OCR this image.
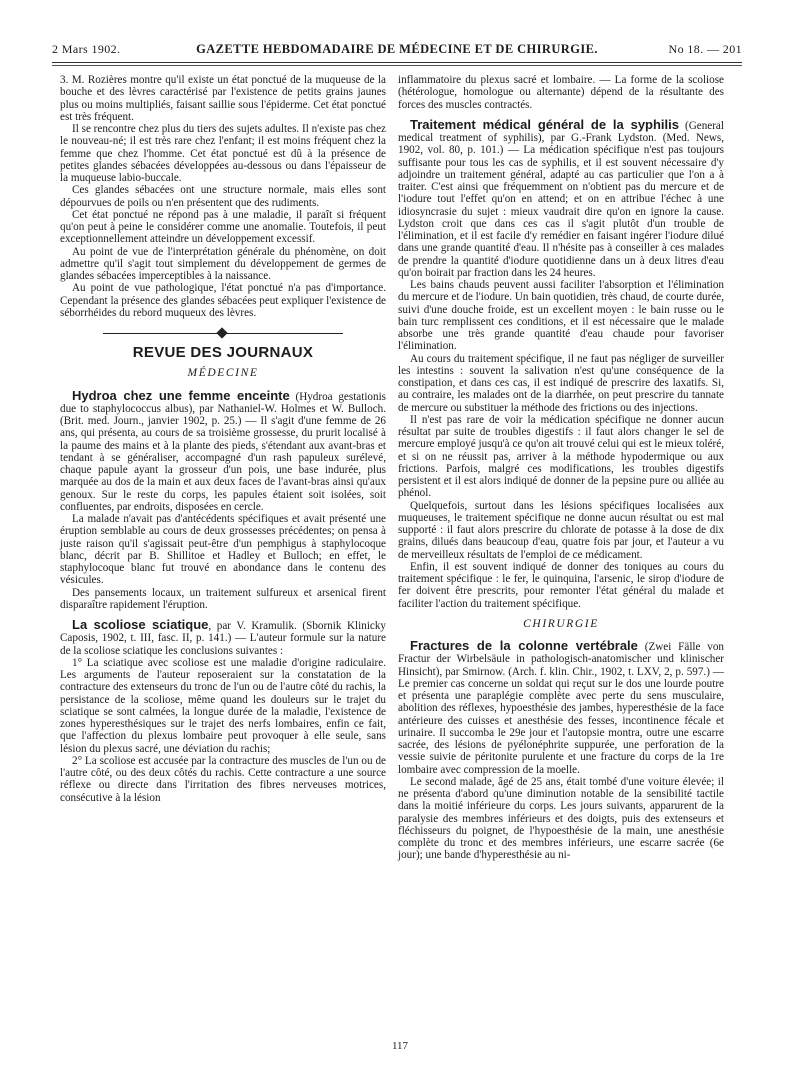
2 Mars 1902.	GAZETTE HEBDOMADAIRE DE MÉDECINE ET DE CHIRURGIE.	No 18. — 201

3. M. Rozières montre qu'il existe un état ponctué de la muqueuse de la bouche et des lèvres caractérisé par l'existence de petits grains jaunes plus ou moins multipliés, faisant saillie sous l'épiderme. Cet état ponctué est très fréquent.

Il se rencontre chez plus du tiers des sujets adultes. Il n'existe pas chez le nouveau-né; il est très rare chez l'enfant; il est moins fréquent chez la femme que chez l'homme. Cet état ponctué est dû à la présence de petites glandes sébacées développées au-dessous ou dans l'épaisseur de la muqueuse labio-buccale.

Ces glandes sébacées ont une structure normale, mais elles sont dépourvues de poils ou n'en présentent que des rudiments.

Cet état ponctué ne répond pas à une maladie, il paraît si fréquent qu'on peut à peine le considérer comme une anomalie. Toutefois, il peut exceptionnellement atteindre un développement excessif.

Au point de vue de l'interprétation générale du phénomène, on doit admettre qu'il s'agit tout simplement du développement de germes de glandes sébacées imperceptibles à la naissance.

Au point de vue pathologique, l'état ponctué n'a pas d'importance. Cependant la présence des glandes sébacées peut expliquer l'existence de séborrhéides du rebord muqueux des lèvres.

REVUE DES JOURNAUX
MÉDECINE

Hydroa chez une femme enceinte (Hydroa gestationis due to staphylococcus albus), par Nathaniel-W. Holmes et W. Bulloch. (Brit. med. Journ., janvier 1902, p. 25.) — Il s'agit d'une femme de 26 ans, qui présenta, au cours de sa troisième grossesse, du prurit localisé à la paume des mains et à la plante des pieds, s'étendant aux avant-bras et tendant à se généraliser, accompagné d'un rash papuleux surélevé, chaque papule ayant la grosseur d'un pois, une base indurée, plus marquée au dos de la main et aux deux faces de l'avant-bras ainsi qu'aux genoux. Sur le reste du corps, les papules étaient soit isolées, soit confluentes, par endroits, disposées en cercle.

La malade n'avait pas d'antécédents spécifiques et avait présenté une éruption semblable au cours de deux grossesses précédentes; on pensa à juste raison qu'il s'agissait peut-être d'un pemphigus à staphylocoque blanc, décrit par B. Shillitoe et Hadley et Bulloch; en effet, le staphylocoque blanc fut trouvé en abondance dans le contenu des vésicules.

Des pansements locaux, un traitement sulfureux et arsenical firent disparaître rapidement l'éruption.

La scoliose sciatique, par V. Kramulik. (Sbornik Klinicky Caposis, 1902, t. III, fasc. II, p. 141.) — L'auteur formule sur la nature de la scoliose sciatique les conclusions suivantes :

1° La sciatique avec scoliose est une maladie d'origine radiculaire. Les arguments de l'auteur reposeraient sur la constatation de la contracture des extenseurs du tronc de l'un ou de l'autre côté du rachis, la persistance de la scoliose, même quand les douleurs sur le trajet du sciatique se sont calmées, la longue durée de la maladie, l'existence de zones hyperesthésiques sur le trajet des nerfs lombaires, enfin ce fait, que l'affection du plexus lombaire peut provoquer à elle seule, sans lésion du plexus sacré, une déviation du rachis;

2° La scoliose est accusée par la contracture des muscles de l'un ou de l'autre côté, ou des deux côtés du rachis. Cette contracture a une source réflexe ou directe dans l'irritation des fibres nerveuses motrices, consécutive à la lésion

inflammatoire du plexus sacré et lombaire. — La forme de la scoliose (hétérologue, homologue ou alternante) dépend de la résultante des forces des muscles contractés.

Traitement médical général de la syphilis (General medical treatment of syphilis), par G.-Frank Lydston. (Med. News, 1902, vol. 80, p. 101.) — La médication spécifique n'est pas toujours suffisante pour tous les cas de syphilis, et il est souvent nécessaire d'y adjoindre un traitement général, adapté au cas particulier que l'on a à traiter. C'est ainsi que fréquemment on n'obtient pas du mercure et de l'iodure tout l'effet qu'on en attend; et on en attribue l'échec à une idiosyncrasie du sujet : mieux vaudrait dire qu'on en ignore la cause. Lydston croit que dans ces cas il s'agit plutôt d'un trouble de l'élimination, et il est facile d'y remédier en faisant ingérer l'iodure dilué dans une grande quantité d'eau. Il n'hésite pas à conseiller à ces malades de prendre la quantité d'iodure quotidienne dans un à deux litres d'eau qu'on boirait par fraction dans les 24 heures.

Les bains chauds peuvent aussi faciliter l'absorption et l'élimination du mercure et de l'iodure. Un bain quotidien, très chaud, de courte durée, suivi d'une douche froide, est un excellent moyen : le bain russe ou le bain turc remplissent ces conditions, et il est nécessaire que le malade absorbe une très grande quantité d'eau chaude pour favoriser l'élimination.

Au cours du traitement spécifique, il ne faut pas négliger de surveiller les intestins : souvent la salivation n'est qu'une conséquence de la constipation, et dans ces cas, il est indiqué de prescrire des laxatifs. Si, au contraire, les malades ont de la diarrhée, on peut prescrire du tannate de mercure ou substituer la méthode des frictions ou des injections.

Il n'est pas rare de voir la médication spécifique ne donner aucun résultat par suite de troubles digestifs : il faut alors changer le sel de mercure employé jusqu'à ce qu'on ait trouvé celui qui est le mieux toléré, et si on ne réussit pas, arriver à la méthode hypodermique ou aux frictions. Parfois, malgré ces modifications, les troubles digestifs persistent et il est alors indiqué de donner de la pepsine pure ou alliée au phénol.

Quelquefois, surtout dans les lésions spécifiques localisées aux muqueuses, le traitement spécifique ne donne aucun résultat ou est mal supporté : il faut alors prescrire du chlorate de potasse à la dose de dix grains, dilués dans beaucoup d'eau, quatre fois par jour, et l'auteur a vu de merveilleux résultats de l'emploi de ce médicament.

Enfin, il est souvent indiqué de donner des toniques au cours du traitement spécifique : le fer, le quinquina, l'arsenic, le sirop d'iodure de fer doivent être prescrits, pour remonter l'état général du malade et faciliter l'action du traitement spécifique.

CHIRURGIE

Fractures de la colonne vertébrale (Zwei Fälle von Fractur der Wirbelsäule in pathologisch-anatomischer und klinischer Hinsicht), par Smirnow. (Arch. f. klin. Chir., 1902, t. LXV, 2, p. 597.) — Le premier cas concerne un soldat qui reçut sur le dos une lourde poutre et présenta une paraplégie complète avec perte du sens musculaire, abolition des réflexes, hypoesthésie des jambes, hyperesthésie de la face antérieure des cuisses et anesthésie des fesses, incontinence fécale et urinaire. Il succomba le 29e jour et l'autopsie montra, outre une escarre sacrée, des lésions de pyélonéphrite suppurée, une perforation de la vessie suivie de péritonite purulente et une fracture du corps de la 1re lombaire avec compression de la moelle.

Le second malade, âgé de 25 ans, était tombé d'une voiture élevée; il ne présenta d'abord qu'une diminution notable de la sensibilité tactile dans la moitié inférieure du corps. Les jours suivants, apparurent de la paralysie des membres inférieurs et des doigts, puis des extenseurs et fléchisseurs du poignet, de l'hypoesthésie de la main, une anesthésie complète du tronc et des membres inférieurs, une escarre sacrée (6e jour); une bande d'hyperesthésie au ni-

117
